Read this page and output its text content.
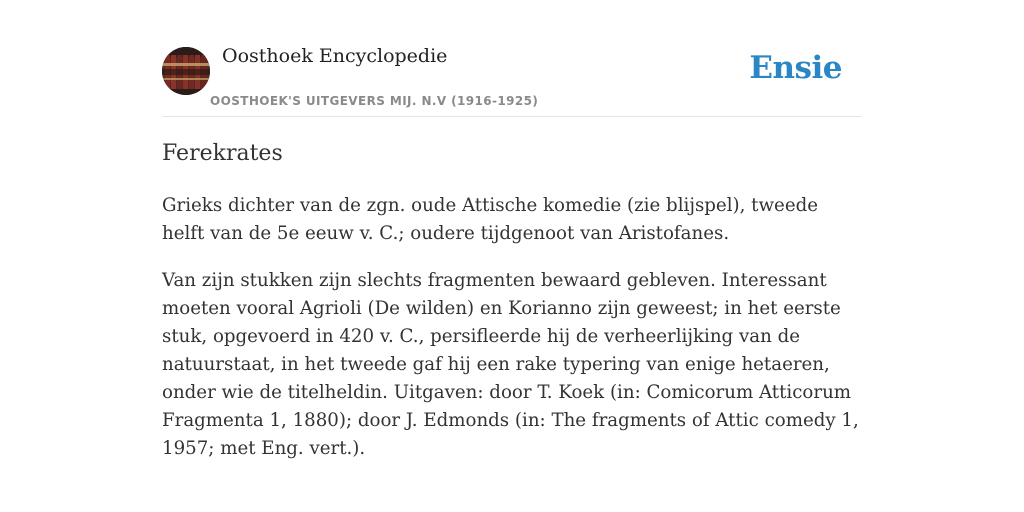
Oosthoek Encyclopedie
OOSTHOEK'S UITGEVERS MIJ. N.V (1916-1925)
Ensie
Ferekrates

Grieks dichter van de zgn. oude Attische komedie (zie blijspel), tweede helft van de 5e eeuw v. C.; oudere tijdgenoot van Aristofanes.

Van zijn stukken zijn slechts fragmenten bewaard gebleven. Interessant moeten vooral Agrioli (De wilden) en Korianno zijn geweest; in het eerste stuk, opgevoerd in 420 v. C., persifleerde hij de verheerlijking van de natuurstaat, in het tweede gaf hij een rake typering van enige hetaeren, onder wie de titelheldin. Uitgaven: door T. Koek (in: Comicorum Atticorum Fragmenta 1, 1880); door J. Edmonds (in: The fragments of Attic comedy 1, 1957; met Eng. vert.).
